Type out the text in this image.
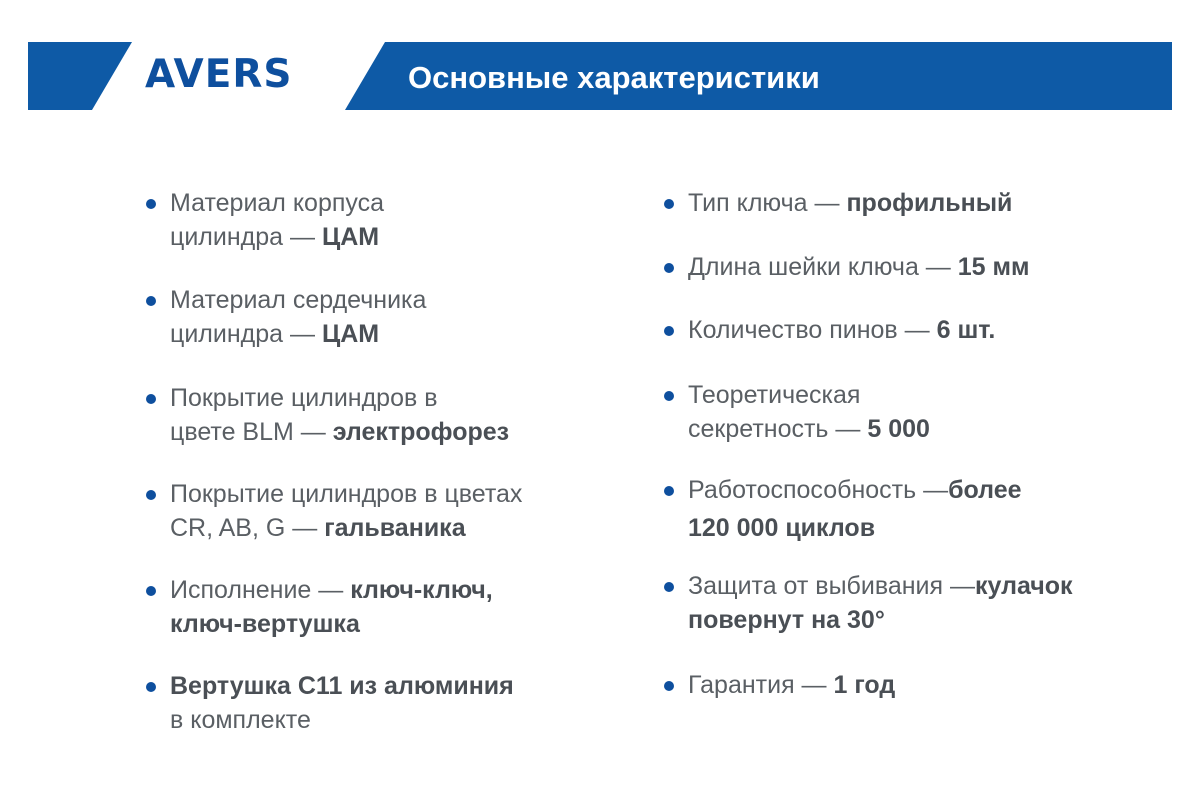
AVERS	Основные характеристики
Материал корпуса
цилиндра — ЦАМ
Материал сердечника
цилиндра — ЦАМ
Покрытие цилиндров в
цвете BLM — электрофорез
Покрытие цилиндров в цветах
CR, AB, G — гальваника
Исполнение — ключ-ключ,
ключ-вертушка
Вертушка С11 из алюминия
в комплекте
Тип ключа — профильный
Длина шейки ключа — 15 мм
Количество пинов — 6 шт.
Теоретическая
секретность — 5 000
Работоспособность —более
120 000 циклов
Защита от выбивания —кулачок
повернут на 30°
Гарантия — 1 год
